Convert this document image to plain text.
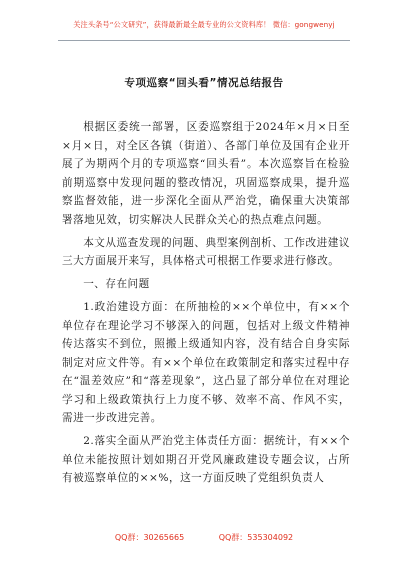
关注头条号“公文研究”，获得最新最全最专业的公文资料库！ 微信：gongwenyj
专项巡察“回头看”情况总结报告

根据区委统一部署，区委巡察组于2024年×月×日至×月×日，对全区各镇（街道）、各部门单位及国有企业开展了为期两个月的专项巡察“回头看”。本次巡察旨在检验前期巡察中发现问题的整改情况，巩固巡察成果，提升巡察监督效能，进一步深化全面从严治党，确保重大决策部署落地见效，切实解决人民群众关心的热点难点问题。

本文从巡查发现的问题、典型案例剖析、工作改进建议三大方面展开来写，具体格式可根据工作要求进行修改。

一、存在问题

1.政治建设方面：在所抽检的××个单位中，有××个单位存在理论学习不够深入的问题，包括对上级文件精神传达落实不到位，照搬上级通知内容，没有结合自身实际制定对应文件等。有××个单位在政策制定和落实过程中存在“温差效应”和“落差现象”，这凸显了部分单位在对理论学习和上级政策执行上力度不够、效率不高、作风不实，需进一步改进完善。

2.落实全面从严治党主体责任方面：据统计，有××个单位未能按照计划如期召开党风廉政建设专题会议，占所有被巡察单位的××%，这一方面反映了党组织负责人

QQ群：30265665	QQ群：535304092
